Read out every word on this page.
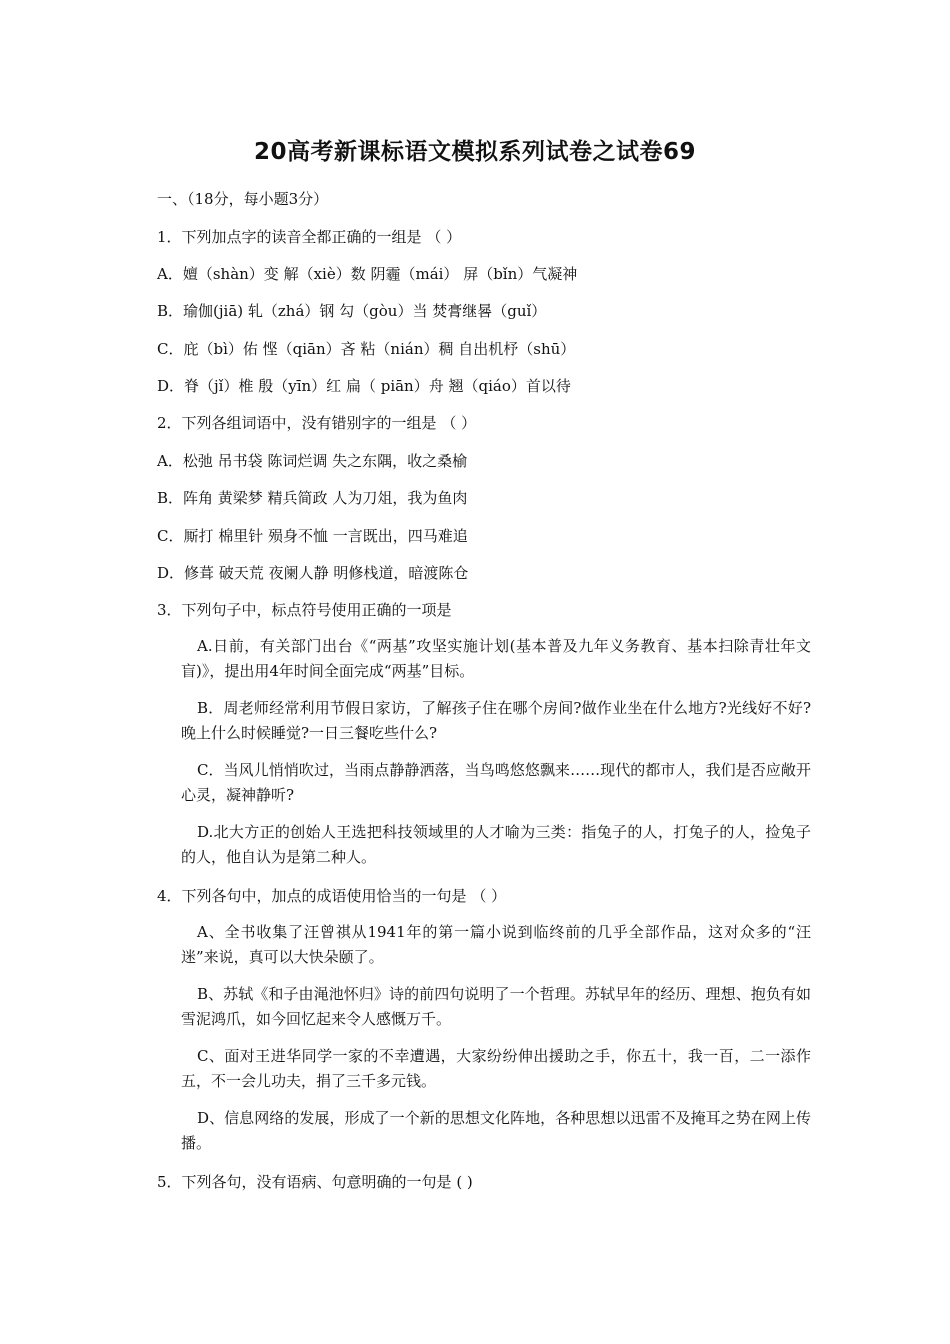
20高考新课标语文模拟系列试卷之试卷69
一、（18分，每小题3分）
1．下列加点字的读音全都正确的一组是 （ ）
A．嬗（shàn）变 解（xiè）数 阴霾（mái） 屏（bǐn）气凝神
B．瑜伽(jiā) 轧（zhá）钢 勾（gòu）当 焚膏继晷（guǐ）
C．庇（bì）佑 悭（qiān）吝 粘（nián）稠 自出机杼（shū）
D．脊（jǐ）椎 殷（yīn）红 扁（ piān）舟 翘（qiáo）首以待
2．下列各组词语中，没有错别字的一组是 （ ）
A．松弛 吊书袋 陈词烂调 失之东隅，收之桑榆
B．阵角 黄梁梦 精兵简政 人为刀俎，我为鱼肉
C．厮打 棉里针 殒身不恤 一言既出，四马难追
D．修葺 破天荒 夜阑人静 明修栈道，暗渡陈仓
3．下列句子中，标点符号使用正确的一项是
A.日前，有关部门出台《“两基”攻坚实施计划(基本普及九年义务教育、基本扫除青壮年文盲)》，提出用4年时间全面完成“两基”目标。
B．周老师经常利用节假日家访，了解孩子住在哪个房间?做作业坐在什么地方?光线好不好?晚上什么时候睡觉?一日三餐吃些什么?
C．当风儿悄悄吹过，当雨点静静洒落，当鸟鸣悠悠飘来……现代的都市人，我们是否应敞开心灵，凝神静听?
D.北大方正的创始人王选把科技领域里的人才喻为三类：指兔子的人，打兔子的人，捡兔子的人，他自认为是第二种人。
4．下列各句中，加点的成语使用恰当的一句是 （ ）
A、全书收集了汪曾祺从1941年的第一篇小说到临终前的几乎全部作品，这对众多的“汪迷”来说，真可以大快朵颐了。
B、苏轼《和子由渑池怀归》诗的前四句说明了一个哲理。苏轼早年的经历、理想、抱负有如雪泥鸿爪，如今回忆起来令人感慨万千。
C、面对王进华同学一家的不幸遭遇，大家纷纷伸出援助之手，你五十，我一百，二一添作五，不一会儿功夫，捐了三千多元钱。
D、信息网络的发展，形成了一个新的思想文化阵地，各种思想以迅雷不及掩耳之势在网上传播。
5．下列各句，没有语病、句意明确的一句是 ( )
